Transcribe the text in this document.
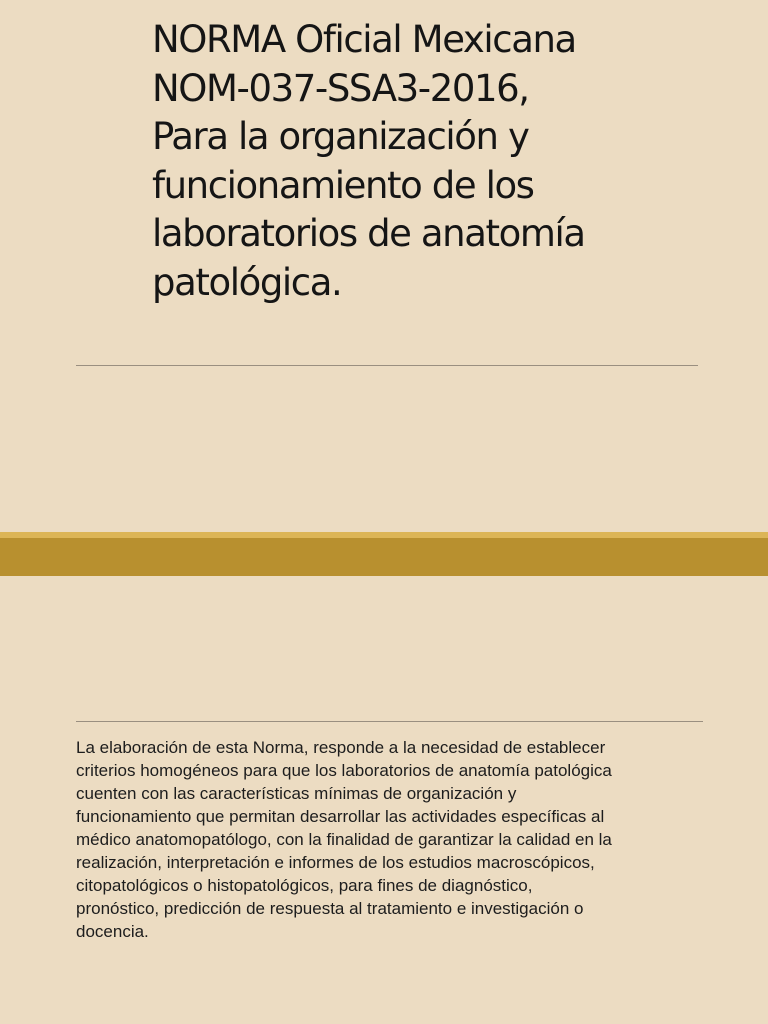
NORMA Oficial Mexicana
NOM-037-SSA3-2016,
Para la organización y
funcionamiento de los
laboratorios de anatomía
patológica.

La elaboración de esta Norma, responde a la necesidad de establecer
criterios homogéneos para que los laboratorios de anatomía patológica
cuenten con las características mínimas de organización y
funcionamiento que permitan desarrollar las actividades específicas al
médico anatomopatólogo, con la finalidad de garantizar la calidad en la
realización, interpretación e informes de los estudios macroscópicos,
citopatológicos o histopatológicos, para fines de diagnóstico,
pronóstico, predicción de respuesta al tratamiento e investigación o
docencia.
